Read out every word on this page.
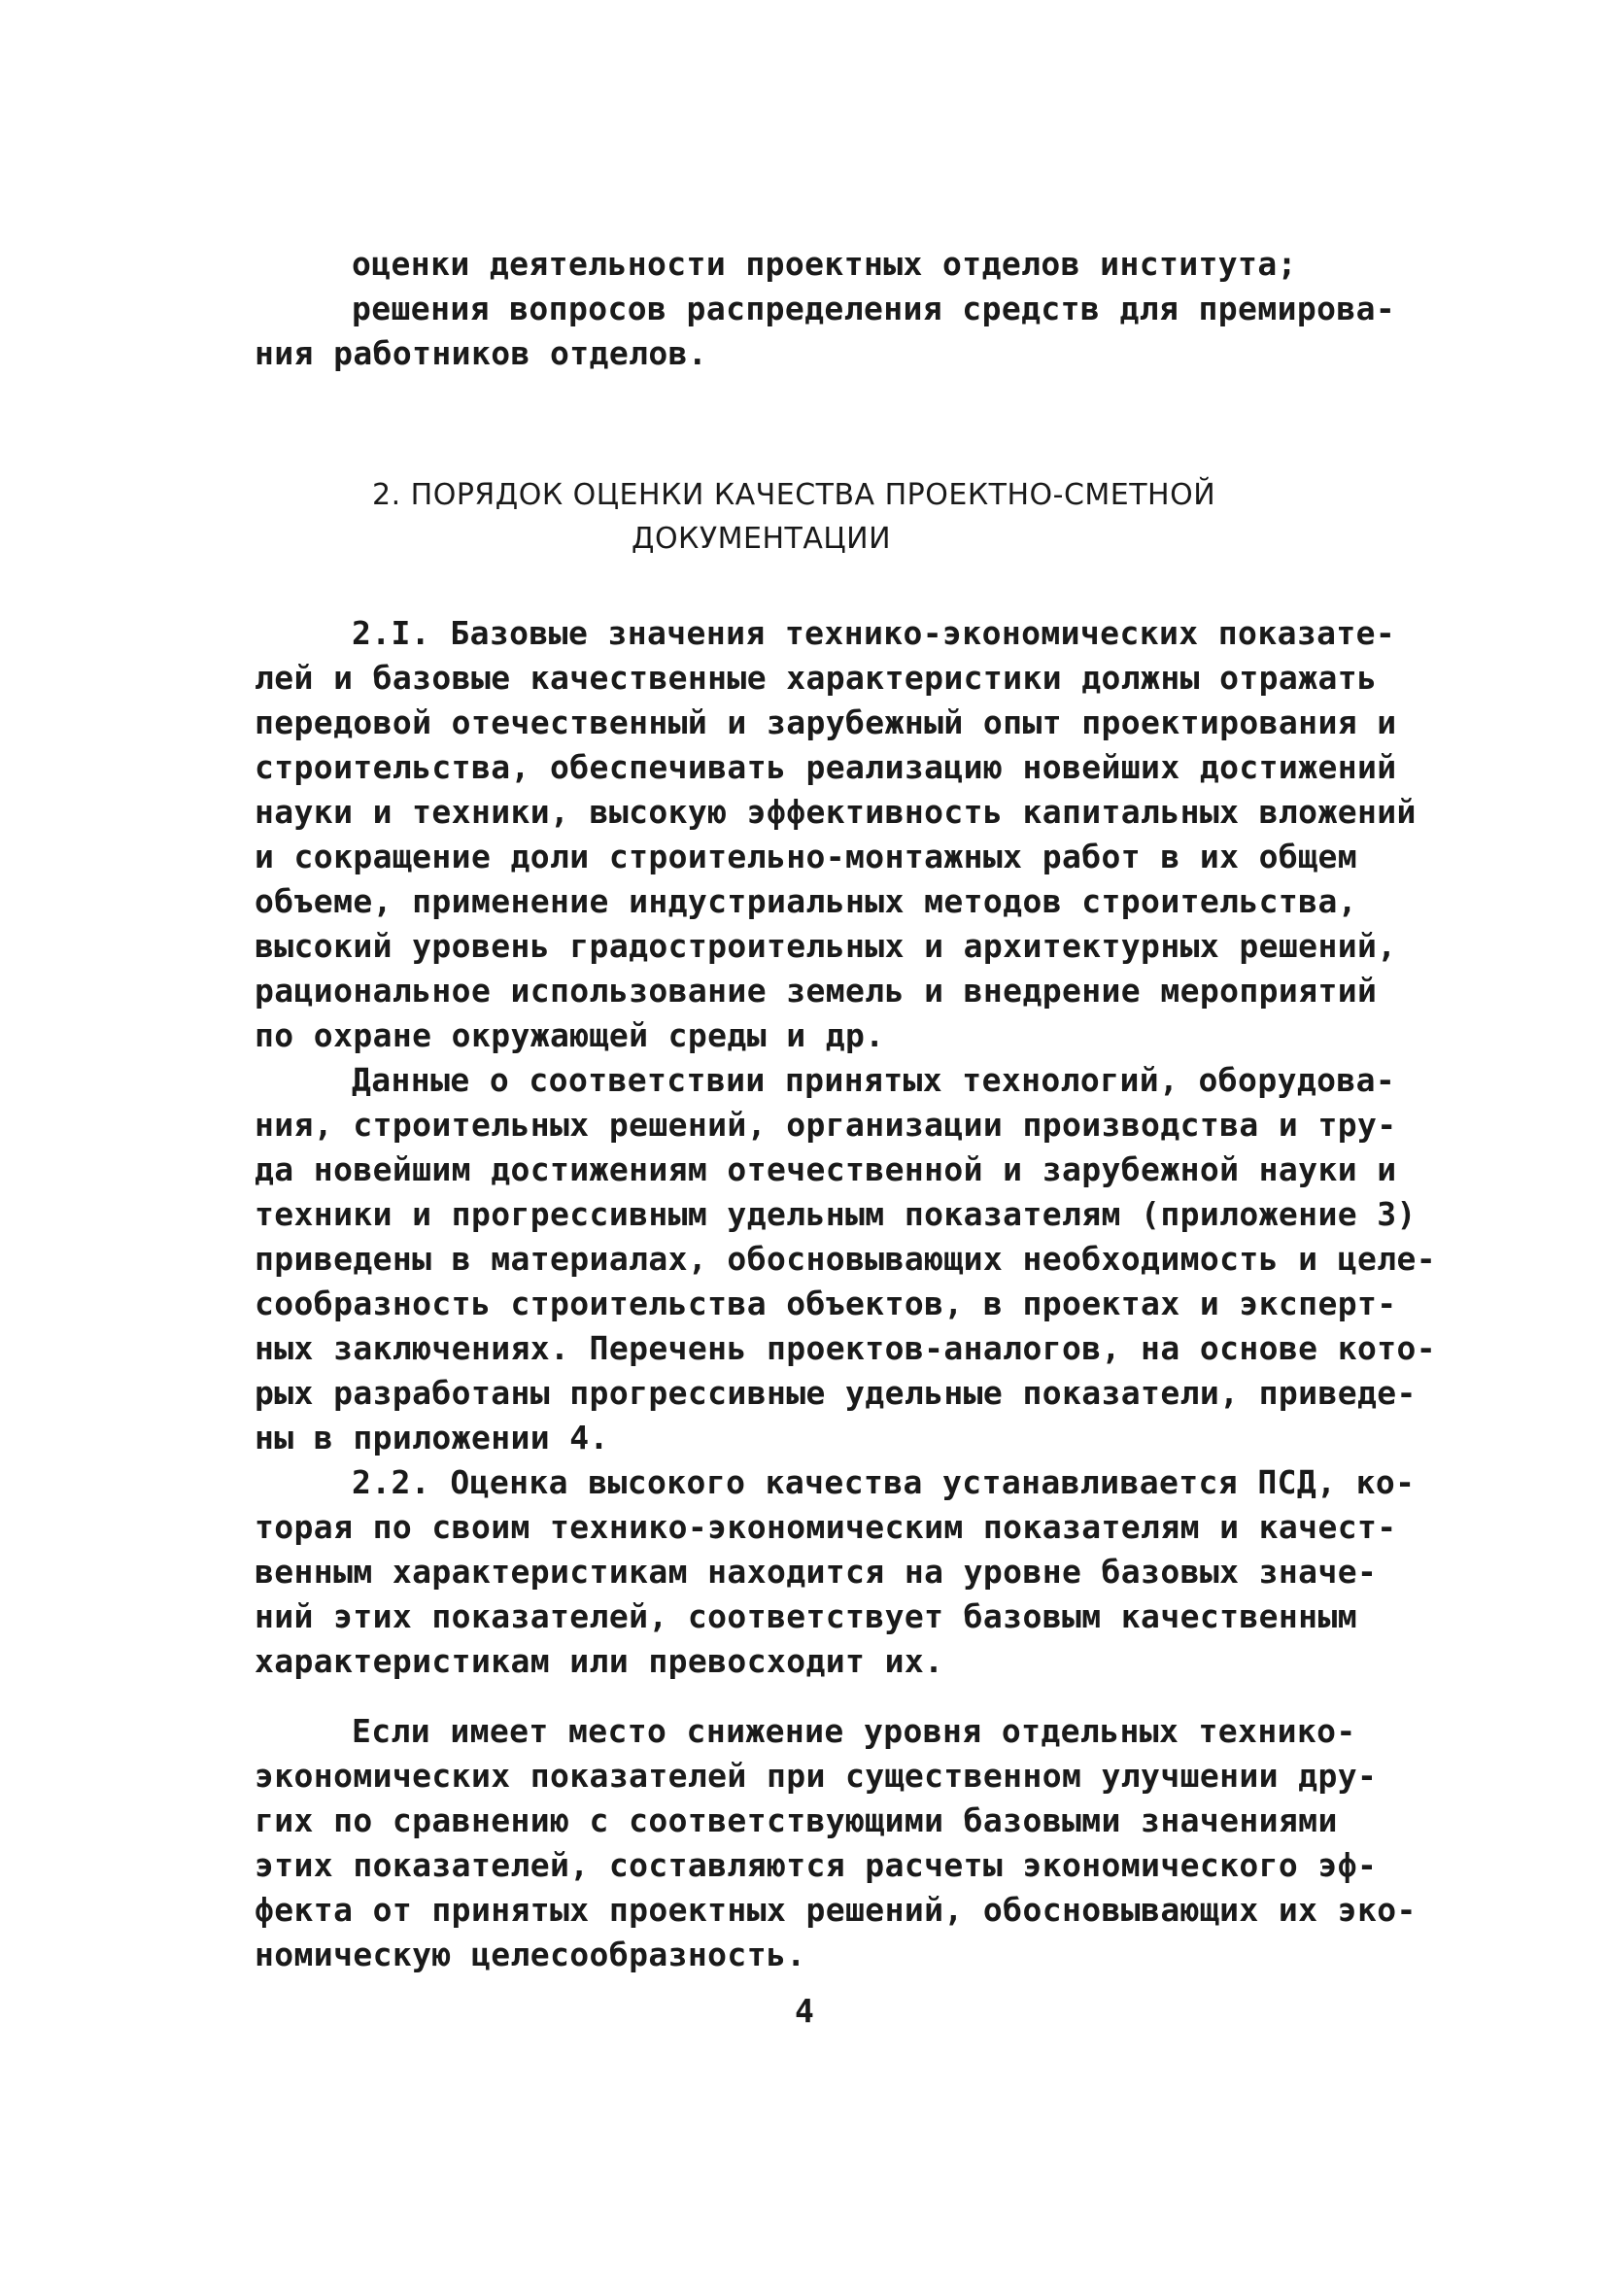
оценки деятельности проектных отделов института;
решения вопросов распределения средств для премирова-
ния работников отделов.
2. ПОРЯДОК ОЦЕНКИ КАЧЕСТВА ПРОЕКТНО-СМЕТНОЙ
ДОКУМЕНТАЦИИ
2.I. Базовые значения технико-экономических показате-
лей и базовые качественные характеристики должны отражать
передовой отечественный и зарубежный опыт проектирования и
строительства, обеспечивать реализацию новейших достижений
науки и техники, высокую эффективность капитальных вложений
и сокращение доли строительно-монтажных работ в их общем
объеме, применение индустриальных методов строительства,
высокий уровень градостроительных и архитектурных решений,
рациональное использование земель и внедрение мероприятий
по охране окружающей среды и др.
Данные о соответствии принятых технологий, оборудова-
ния, строительных решений, организации производства и тру-
да новейшим достижениям отечественной и зарубежной науки и
техники и прогрессивным удельным показателям (приложение 3)
приведены в материалах, обосновывающих необходимость и целе-
сообразность строительства объектов, в проектах и эксперт-
ных заключениях. Перечень проектов-аналогов, на основе кото-
рых разработаны прогрессивные удельные показатели, приведе-
ны в приложении 4.
2.2. Оценка высокого качества устанавливается ПСД, ко-
торая по своим технико-экономическим показателям и качест-
венным характеристикам находится на уровне базовых значе-
ний этих показателей, соответствует базовым качественным
характеристикам или превосходит их.
Если имеет место снижение уровня отдельных технико-
экономических показателей при существенном улучшении дру-
гих по сравнению с соответствующими базовыми значениями
этих показателей, составляются расчеты экономического эф-
фекта от принятых проектных решений, обосновывающих их эко-
номическую целесообразность.
4
